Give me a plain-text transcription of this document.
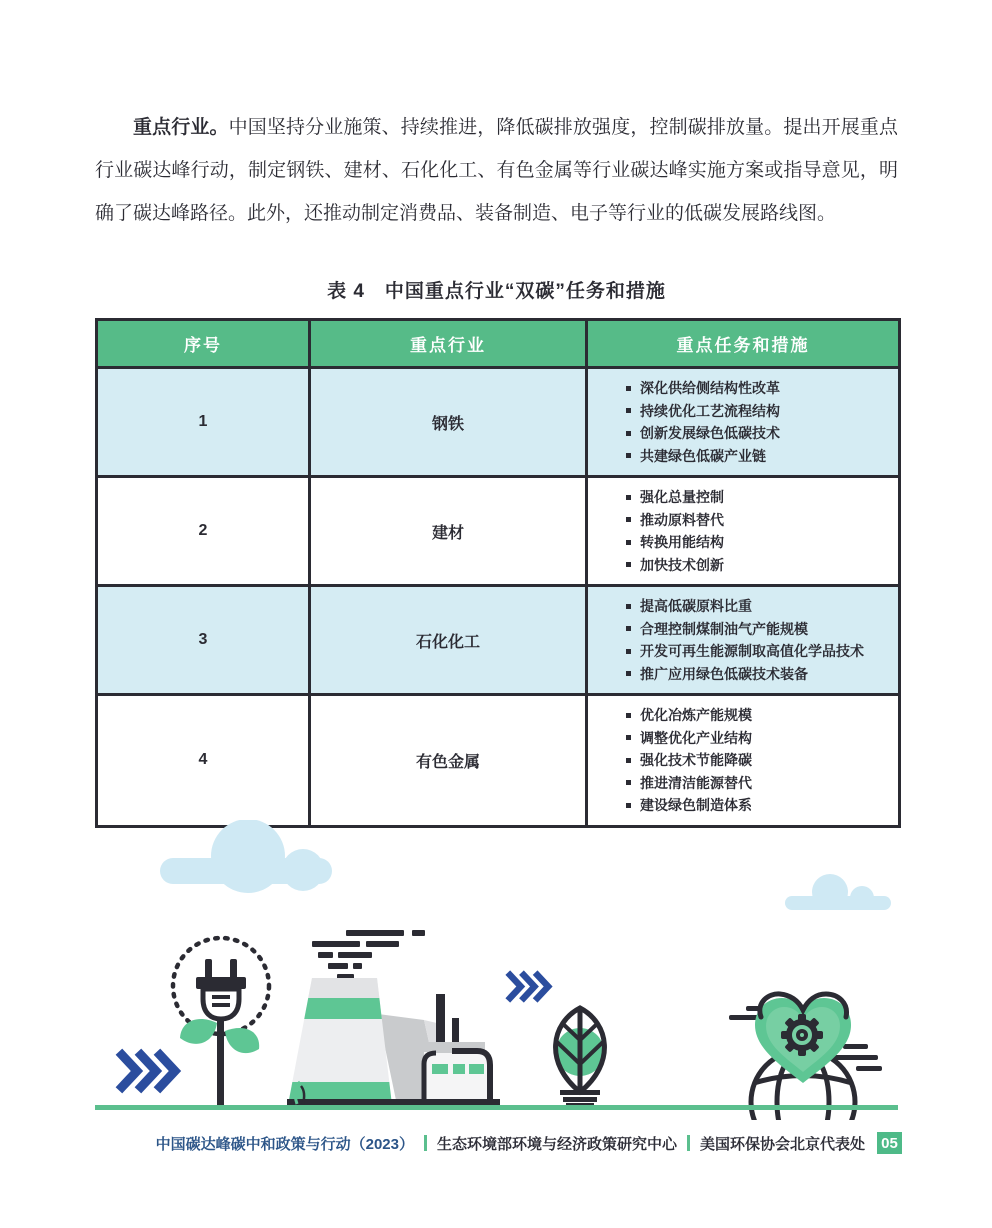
重点行业。中国坚持分业施策、持续推进，降低碳排放强度，控制碳排放量。提出开展重点行业碳达峰行动，制定钢铁、建材、石化化工、有色金属等行业碳达峰实施方案或指导意见，明确了碳达峰路径。此外，还推动制定消费品、装备制造、电子等行业的低碳发展路线图。

表 4　中国重点行业“双碳”任务和措施
序号	重点行业	重点任务和措施
1	钢铁	深化供给侧结构性改革
持续优化工艺流程结构
创新发展绿色低碳技术
共建绿色低碳产业链

2	建材	强化总量控制
推动原料替代
转换用能结构
加快技术创新

3	石化化工	提高低碳原料比重
合理控制煤制油气产能规模
开发可再生能源制取高值化学品技术
推广应用绿色低碳技术装备

4	有色金属	优化冶炼产能规模
调整优化产业结构
强化技术节能降碳
推进清洁能源替代
建设绿色制造体系
中国碳达峰碳中和政策与行动（2023） 生态环境部环境与经济政策研究中心 美国环保协会北京代表处 05
